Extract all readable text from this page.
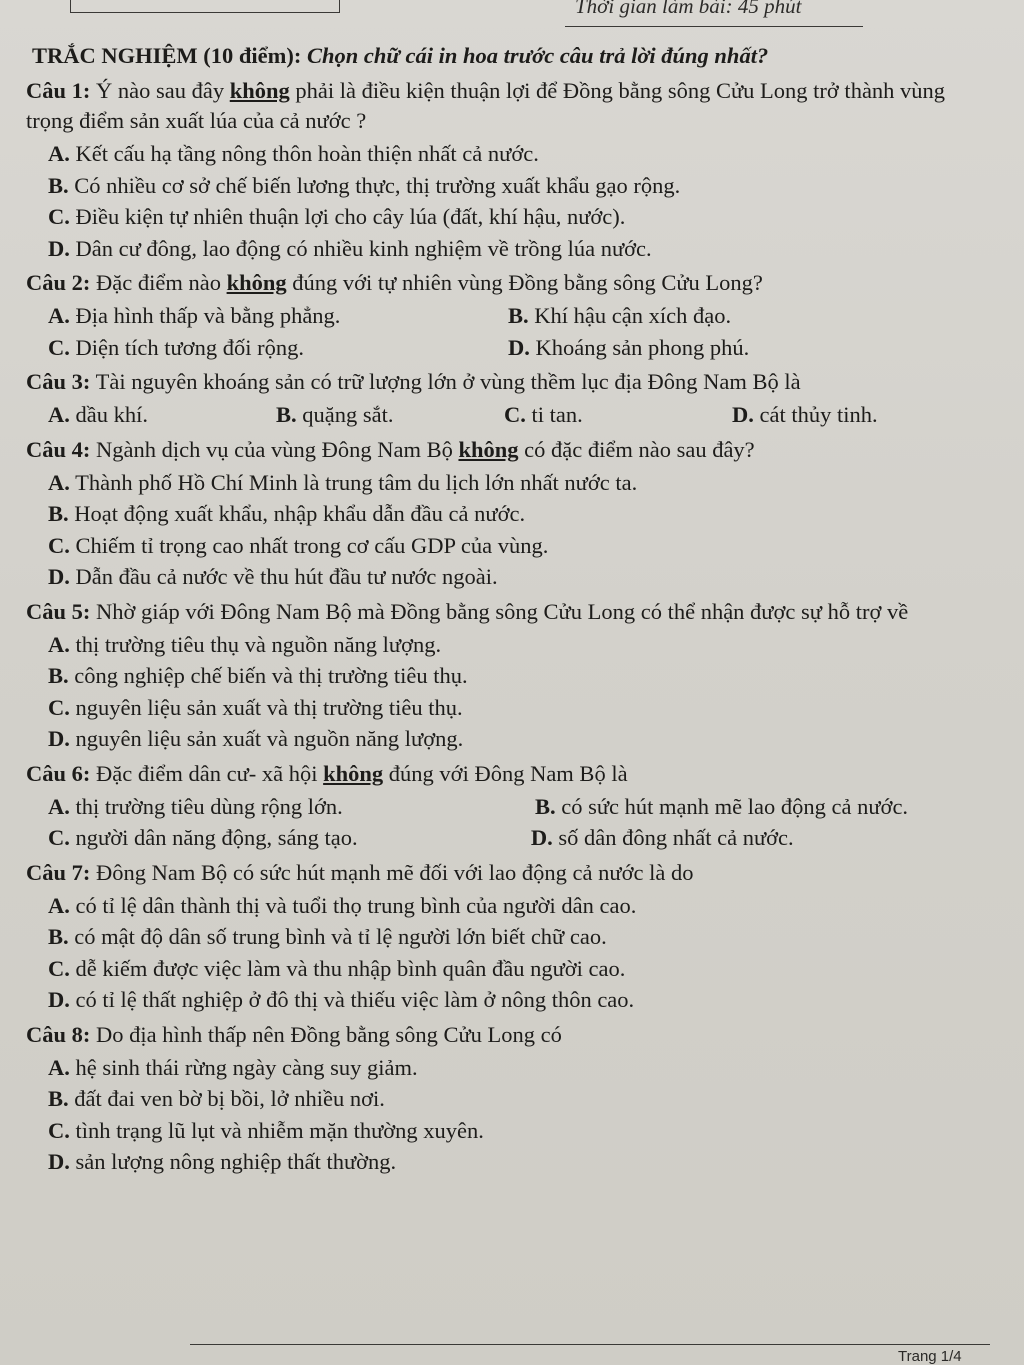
Thời gian làm bài: 45 phút
TRẮC NGHIỆM (10 điểm): Chọn chữ cái in hoa trước câu trả lời đúng nhất?
Câu 1: Ý nào sau đây không phải là điều kiện thuận lợi để Đồng bằng sông Cửu Long trở thành vùng trọng điểm sản xuất lúa của cả nước ?
A. Kết cấu hạ tầng nông thôn hoàn thiện nhất cả nước.
B. Có nhiều cơ sở chế biến lương thực, thị trường xuất khẩu gạo rộng.
C. Điều kiện tự nhiên thuận lợi cho cây lúa (đất, khí hậu, nước).
D. Dân cư đông, lao động có nhiều kinh nghiệm về trồng lúa nước.
Câu 2: Đặc điểm nào không đúng với tự nhiên vùng Đồng bằng sông Cửu Long?
A. Địa hình thấp và bằng phẳng.	B. Khí hậu cận xích đạo.
C. Diện tích tương đối rộng.	D. Khoáng sản phong phú.
Câu 3: Tài nguyên khoáng sản có trữ lượng lớn ở vùng thềm lục địa Đông Nam Bộ là
A. dầu khí.	B. quặng sắt.	C. ti tan.	D. cát thủy tinh.
Câu 4: Ngành dịch vụ của vùng Đông Nam Bộ không có đặc điểm nào sau đây?
A. Thành phố Hồ Chí Minh là trung tâm du lịch lớn nhất nước ta.
B. Hoạt động xuất khẩu, nhập khẩu dẫn đầu cả nước.
C. Chiếm tỉ trọng cao nhất trong cơ cấu GDP của vùng.
D. Dẫn đầu cả nước về thu hút đầu tư nước ngoài.
Câu 5: Nhờ giáp với Đông Nam Bộ mà Đồng bằng sông Cửu Long có thể nhận được sự hỗ trợ về
A. thị trường tiêu thụ và nguồn năng lượng.
B. công nghiệp chế biến và thị trường tiêu thụ.
C. nguyên liệu sản xuất và thị trường tiêu thụ.
D. nguyên liệu sản xuất và nguồn năng lượng.
Câu 6: Đặc điểm dân cư- xã hội không đúng với Đông Nam Bộ là
A. thị trường tiêu dùng rộng lớn.	B. có sức hút mạnh mẽ lao động cả nước.
C. người dân năng động, sáng tạo.	D. số dân đông nhất cả nước.
Câu 7: Đông Nam Bộ có sức hút mạnh mẽ đối với lao động cả nước là do
A. có tỉ lệ dân thành thị và tuổi thọ trung bình của người dân cao.
B. có mật độ dân số trung bình và tỉ lệ người lớn biết chữ cao.
C. dễ kiếm được việc làm và thu nhập bình quân đầu người cao.
D. có tỉ lệ thất nghiệp ở đô thị và thiếu việc làm ở nông thôn cao.
Câu 8: Do địa hình thấp nên Đồng bằng sông Cửu Long có
A. hệ sinh thái rừng ngày càng suy giảm.
B. đất đai ven bờ bị bồi, lở nhiều nơi.
C. tình trạng lũ lụt và nhiễm mặn thường xuyên.
D. sản lượng nông nghiệp thất thường.
Trang 1/4
